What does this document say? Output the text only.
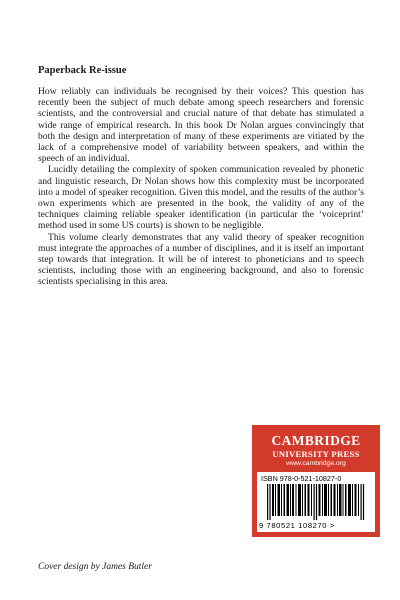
Paperback Re-issue

How reliably can individuals be recognised by their voices? This question has recently been the subject of much debate among speech researchers and forensic scientists, and the controversial and crucial nature of that debate has stimulated a wide range of empirical research. In this book Dr Nolan argues convincingly that both the design and interpretation of many of these experiments are vitiated by the lack of a comprehensive model of variability between speakers, and within the speech of an individual.

Lucidly detailing the complexity of spoken communication revealed by phonetic and linguistic research, Dr Nolan shows how this complexity must be incorporated into a model of speaker recognition. Given this model, and the results of the author’s own experiments which are presented in the book, the validity of any of the techniques claiming reliable speaker identification (in particular the ‘voiceprint’ method used in some US courts) is shown to be negligible.

This volume clearly demonstrates that any valid theory of speaker recognition must integrate the approaches of a number of disciplines, and it is itself an important step towards that integration. It will be of interest to phoneticians and to speech scientists, including those with an engineering background, and also to forensic scientists specialising in this area.

CAMBRIDGE
UNIVERSITY PRESS
www.cambridge.org
ISBN 978-0-521-10827-0
9 780521 108270 >

Cover design by James Butler
